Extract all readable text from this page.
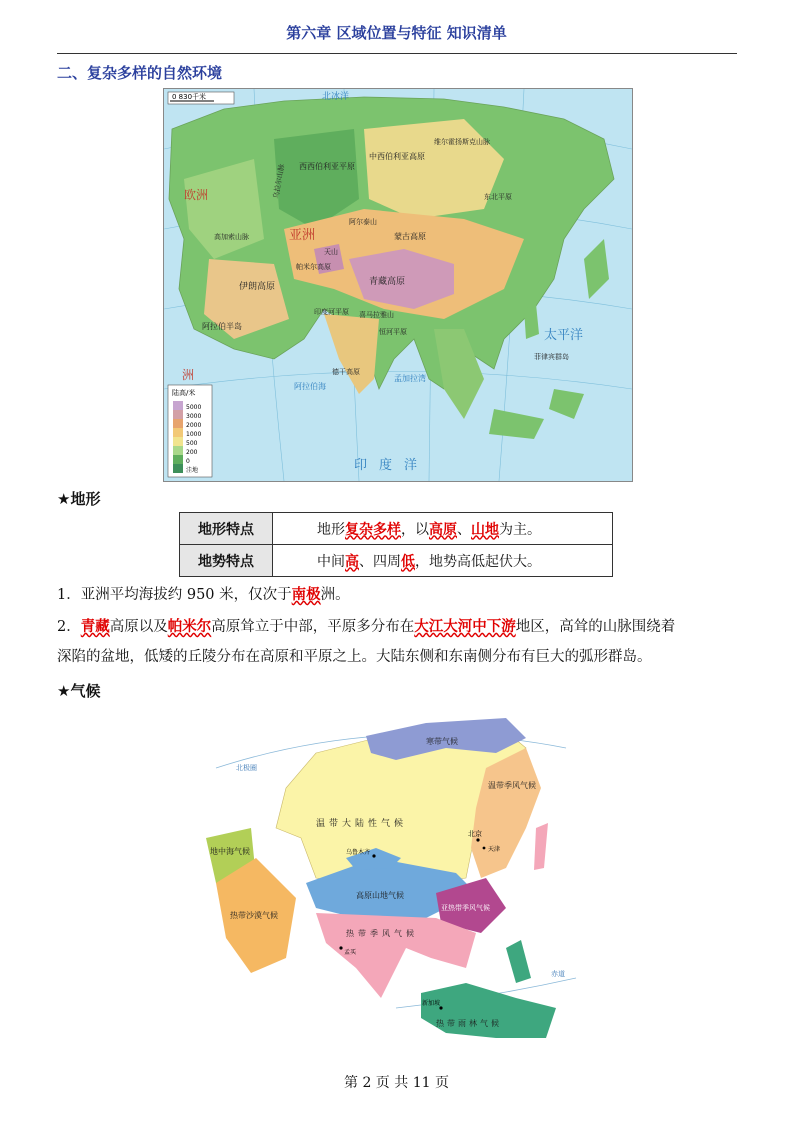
第六章 区域位置与特征 知识清单
二、复杂多样的自然环境
0 830千米	北冰洋
西西伯利亚平原
中西伯利亚高原
维尔霍扬斯克山脉
乌拉尔山脉
阿尔泰山
蒙古高原
天山
帕米尔高原
伊朗高原	青藏高原
喜马拉雅山
阿拉伯半岛
印度河平原
德干高原
恒河平原
东北平原
太平洋
印度洋
阿拉伯海
孟加拉湾
菲律宾群岛
高加索山脉
欧洲
亚洲
洲
陆高/米
5000
3000
2000
1000
500
200
0
洼地
★地形
地形特点	地形复杂多样，以高原、山地为主。
地势特点	中间高、四周低，地势高低起伏大。
1．亚洲平均海拔约 950 米，仅次于南极洲。
2．青藏高原以及帕米尔高原耸立于中部，平原多分布在大江大河中下游地区，高耸的山脉围绕着
深陷的盆地，低矮的丘陵分布在高原和平原之上。大陆东侧和东南侧分布有巨大的弧形群岛。
★气候
北极圈
赤道
寒带气候
温带大陆性气候
温带季风气候
地中海气候
热带沙漠气候
高原山地气候
亚热带季风气候
热带季风气候
热带雨林气候
乌鲁木齐
北京
天津
孟买
新加坡
第 2 页 共 11 页
